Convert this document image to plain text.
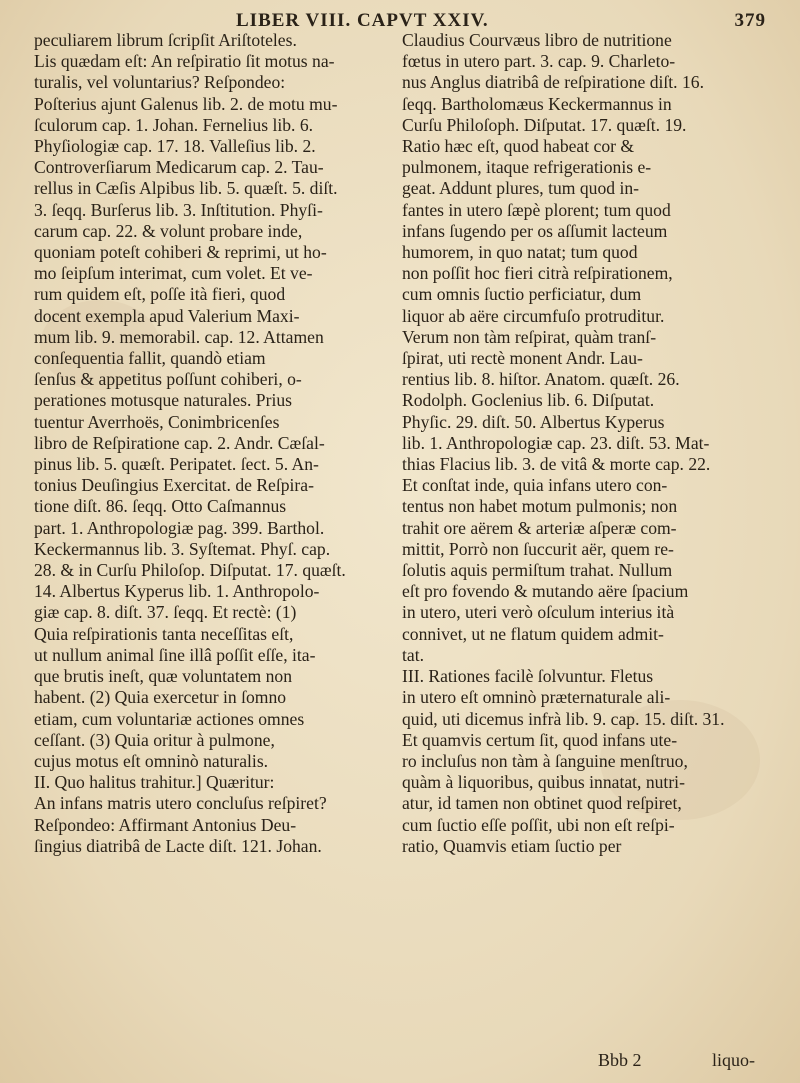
LIBER VIII. CAPVT XXIV.	379
peculiarem librum ſcripſit Ariſtoteles.
Lis quædam eſt: An reſpiratio ſit motus na-
turalis, vel voluntarius? Reſpondeo:
Poſterius ajunt Galenus lib. 2. de motu mu-
ſculorum cap. 1. Johan. Fernelius lib. 6.
Phyſiologiæ cap. 17. 18. Valleſius lib. 2.
Controverſiarum Medicarum cap. 2. Tau-
rellus in Cæſis Alpibus lib. 5. quæſt. 5. diſt.
3. ſeqq. Burſerus lib. 3. Inſtitution. Phyſi-
carum cap. 22. & volunt probare inde,
quoniam poteſt cohiberi & reprimi, ut ho-
mo ſeipſum interimat, cum volet. Et ve-
rum quidem eſt, poſſe ità fieri, quod
docent exempla apud Valerium Maxi-
mum lib. 9. memorabil. cap. 12. Attamen
conſequentia fallit, quandò etiam
ſenſus & appetitus poſſunt cohiberi, o-
perationes motusque naturales. Prius
tuentur Averrhoës, Conimbricenſes
libro de Reſpiratione cap. 2. Andr. Cæſal-
pinus lib. 5. quæſt. Peripatet. ſect. 5. An-
tonius Deuſingius Exercitat. de Reſpira-
tione diſt. 86. ſeqq. Otto Caſmannus
part. 1. Anthropologiæ pag. 399. Barthol.
Keckermannus lib. 3. Syſtemat. Phyſ. cap.
28. & in Curſu Philoſop. Diſputat. 17. quæſt.
14. Albertus Kyperus lib. 1. Anthropolo-
giæ cap. 8. diſt. 37. ſeqq. Et rectè: (1)
Quia reſpirationis tanta neceſſitas eſt,
ut nullum animal ſine illâ poſſit eſſe, ita-
que brutis ineſt, quæ voluntatem non
habent. (2) Quia exercetur in ſomno
etiam, cum voluntariæ actiones omnes
ceſſant. (3) Quia oritur à pulmone,
cujus motus eſt omninò naturalis.
II. Quo halitus trahitur.] Quæritur:
An infans matris utero concluſus reſpiret?
Reſpondeo: Affirmant Antonius Deu-
ſingius diatribâ de Lacte diſt. 121. Johan.
Claudius Courvæus libro de nutritione
fœtus in utero part. 3. cap. 9. Charleto-
nus Anglus diatribâ de reſpiratione diſt. 16.
ſeqq. Bartholomæus Keckermannus in
Curſu Philoſoph. Diſputat. 17. quæſt. 19.
Ratio hæc eſt, quod habeat cor &
pulmonem, itaque refrigerationis e-
geat. Addunt plures, tum quod in-
fantes in utero ſæpè plorent; tum quod
infans ſugendo per os aſſumit lacteum
humorem, in quo natat; tum quod
non poſſit hoc fieri citrà reſpirationem,
cum omnis ſuctio perficiatur, dum
liquor ab aëre circumfuſo protruditur.
Verum non tàm reſpirat, quàm tranſ-
ſpirat, uti rectè monent Andr. Lau-
rentius lib. 8. hiſtor. Anatom. quæſt. 26.
Rodolph. Goclenius lib. 6. Diſputat.
Phyſic. 29. diſt. 50. Albertus Kyperus
lib. 1. Anthropologiæ cap. 23. diſt. 53. Mat-
thias Flacius lib. 3. de vitâ & morte cap. 22.
Et conſtat inde, quia infans utero con-
tentus non habet motum pulmonis; non
trahit ore aërem & arteriæ aſperæ com-
mittit, Porrò non ſuccurit aër, quem re-
ſolutis aquis permiſtum trahat. Nullum
eſt pro fovendo & mutando aëre ſpacium
in utero, uteri verò oſculum interius ità
connivet, ut ne flatum quidem admit-
tat.
III. Rationes facilè ſolvuntur. Fletus
in utero eſt omninò præternaturale ali-
quid, uti dicemus infrà lib. 9. cap. 15. diſt. 31.
Et quamvis certum ſit, quod infans ute-
ro incluſus non tàm à ſanguine menſtruo,
quàm à liquoribus, quibus innatat, nutri-
atur, id tamen non obtinet quod reſpiret,
cum ſuctio eſſe poſſit, ubi non eſt reſpi-
ratio, Quamvis etiam ſuctio per
Bbb 2	liquo-
